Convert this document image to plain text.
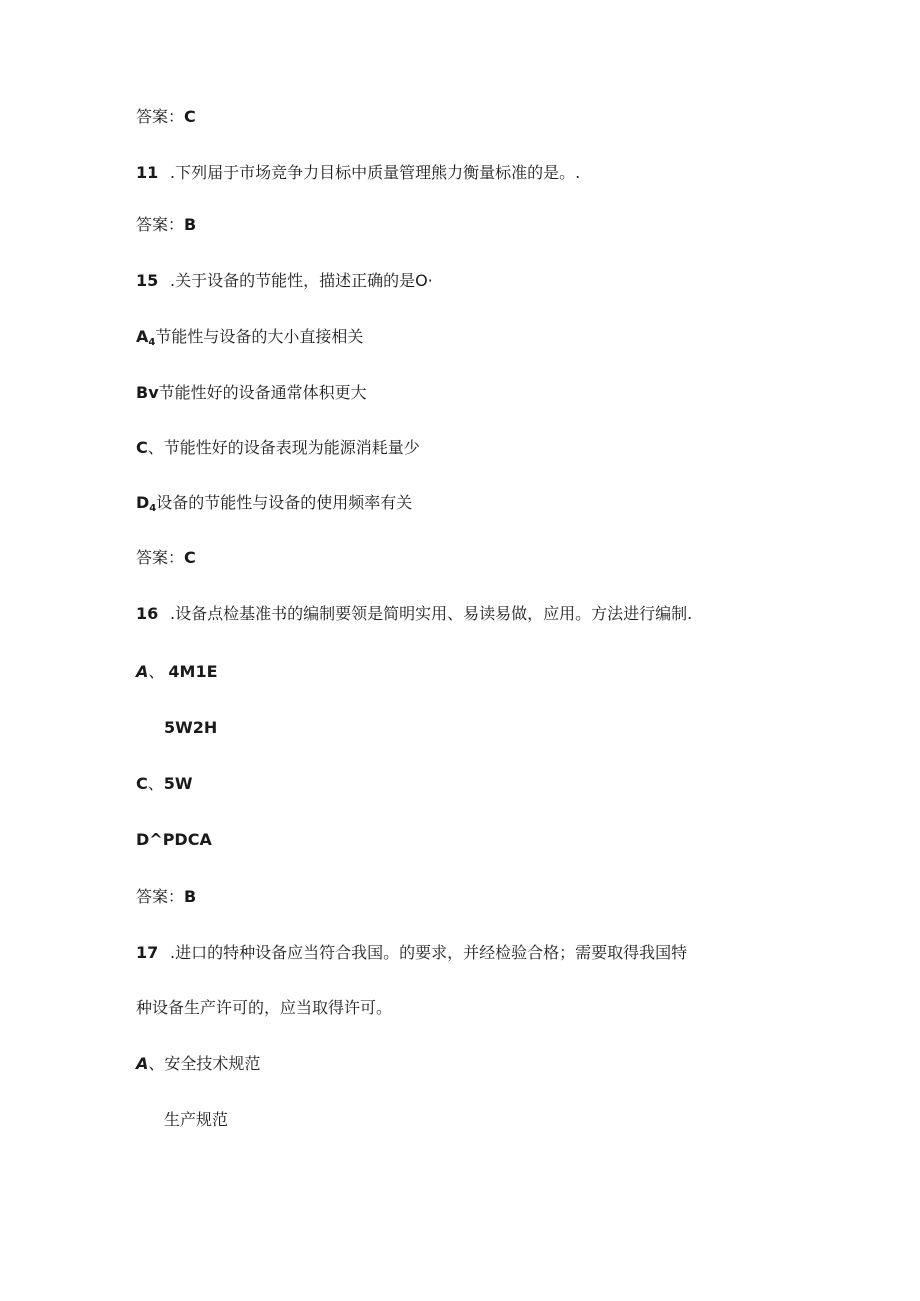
答案：C
11 .下列届于市场竞争力目标中质量管理熊力衡量标准的是。.
答案：B
15 .关于设备的节能性，描述正确的是O·
$A_4$节能性与设备的大小直接相关
Bv节能性好的设备通常体积更大
C、节能性好的设备表现为能源消耗量少
$D_4$设备的节能性与设备的使用频率有关
答案：C
16 .设备点检基准书的编制要领是简明实用、易读易做，应用。方法进行编制.
A、 4M1E
5W2H
C、5W
D^PDCA
答案：B
17 .进口的特种设备应当符合我国。的要求，并经检验合格；需要取得我国特
种设备生产许可的，应当取得许可。
A、安全技术规范
生产规范
